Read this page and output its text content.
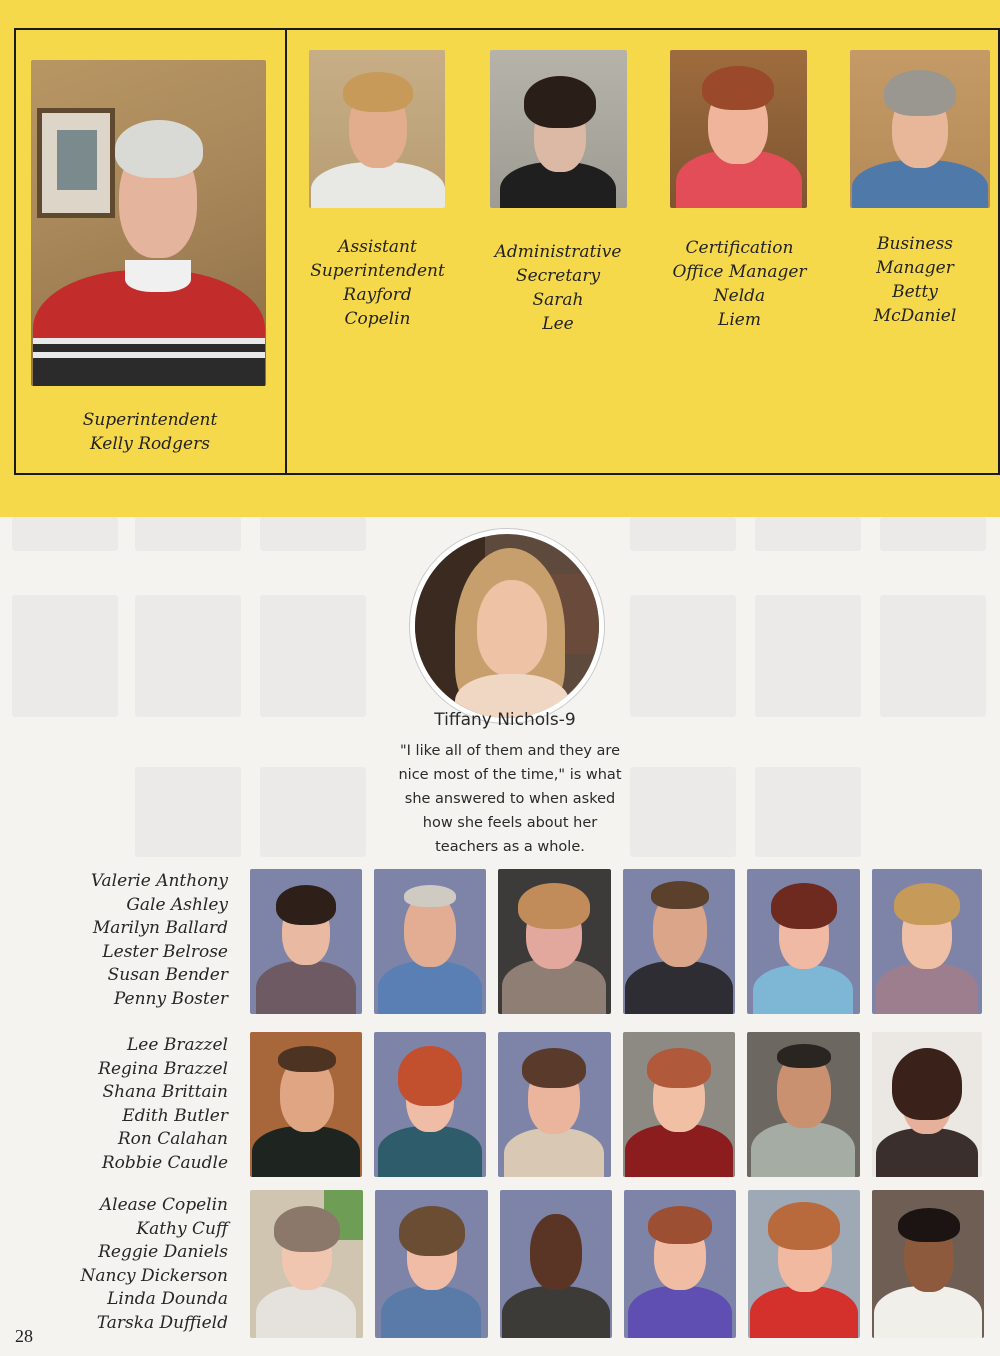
Superintendent
Kelly Rodgers
Assistant
Superintendent
Rayford
Copelin
Administrative
Secretary
Sarah
Lee
Certification
Office Manager
Nelda
Liem
Business
Manager
Betty
McDaniel
Tiffany Nichols-9
"I like all of them and they are
nice most of the time," is what
she answered to when asked
how she feels about her
teachers as a whole.
Valerie Anthony
Gale Ashley
Marilyn Ballard
Lester Belrose
Susan Bender
Penny Boster
Lee Brazzel
Regina Brazzel
Shana Brittain
Edith Butler
Ron Calahan
Robbie Caudle
Alease Copelin
Kathy Cuff
Reggie Daniels
Nancy Dickerson
Linda Dounda
Tarska Duffield
28
